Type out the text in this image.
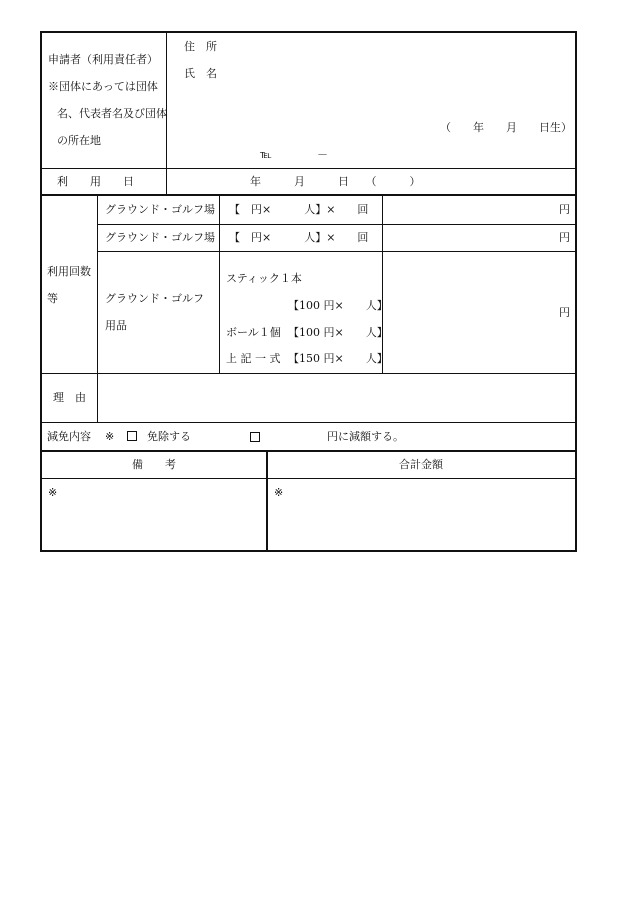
申請者（利用責任者）
※団体にあっては団体
名、代表者名及び団体
の所在地
住　所
氏　名
（　　年　　月　　日生）
℡	－
利　　用　　日	年　　　月　　　日　　（　　　）
利用回数
等
グラウンド・ゴルフ場 【　円×　　　人】×　　回	円
グラウンド・ゴルフ場 【　円×　　　人】×　　回	円
グラウンド・ゴルフ
用品
スティック１本
【100 円×　　人】
ボール１個 【100 円×　　人】
上 記 一 式 【150 円×　　人】
円
理　由
減免内容 ※	免除する	円に減額する。
備　　考	合計金額
※	※
